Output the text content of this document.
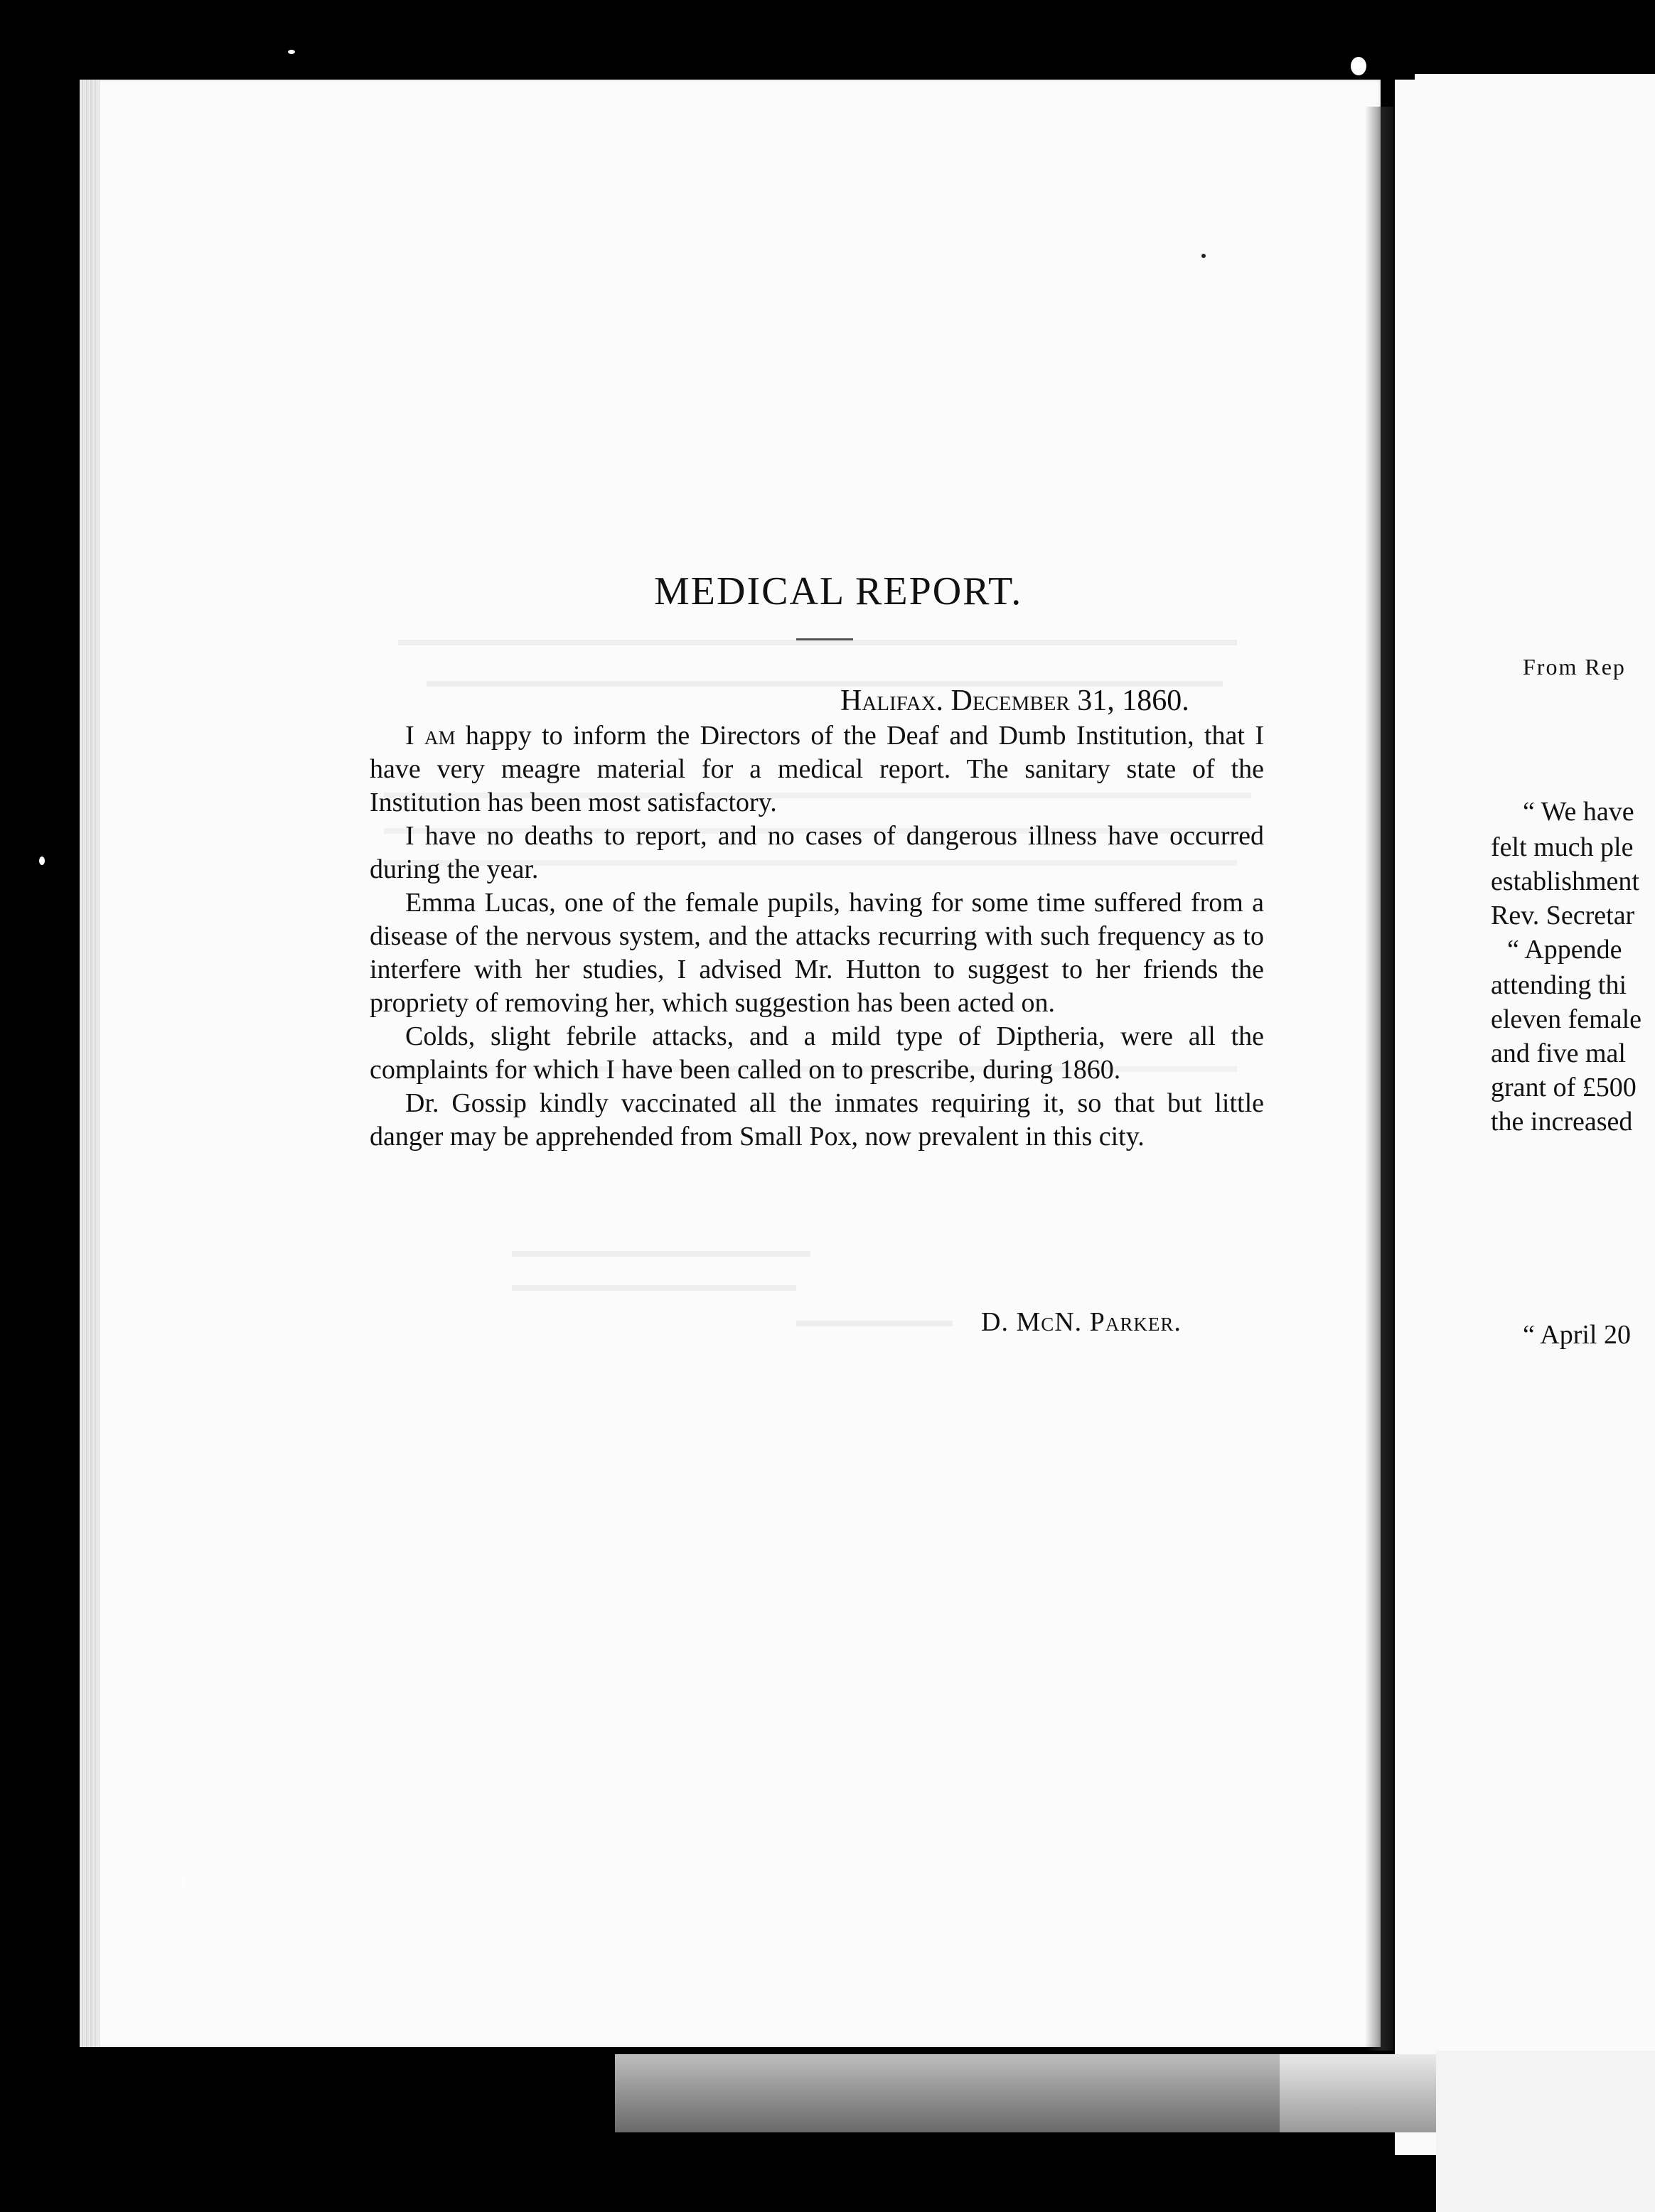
From Rep
“ We have
felt much ple
establishment
Rev. Secretar
“ Appende
attending thi
eleven female
and five mal
grant of £500
the increased
“ April 20
MEDICAL REPORT.
Halifax. December 31, 1860.

I am happy to inform the Directors of the Deaf and Dumb Institution, that I have very meagre material for a medical report. The sanitary state of the Institution has been most satisfactory.

I have no deaths to report, and no cases of dangerous illness have occurred during the year.

Emma Lucas, one of the female pupils, having for some time suffered from a disease of the nervous system, and the attacks recurring with such frequency as to interfere with her studies, I advised Mr. Hutton to suggest to her friends the propriety of removing her, which suggestion has been acted on.

Colds, slight febrile attacks, and a mild type of Diptheria, were all the complaints for which I have been called on to prescribe, during 1860.

Dr. Gossip kindly vaccinated all the inmates requiring it, so that but little danger may be apprehended from Small Pox, now prevalent in this city.

D. McN. Parker.
